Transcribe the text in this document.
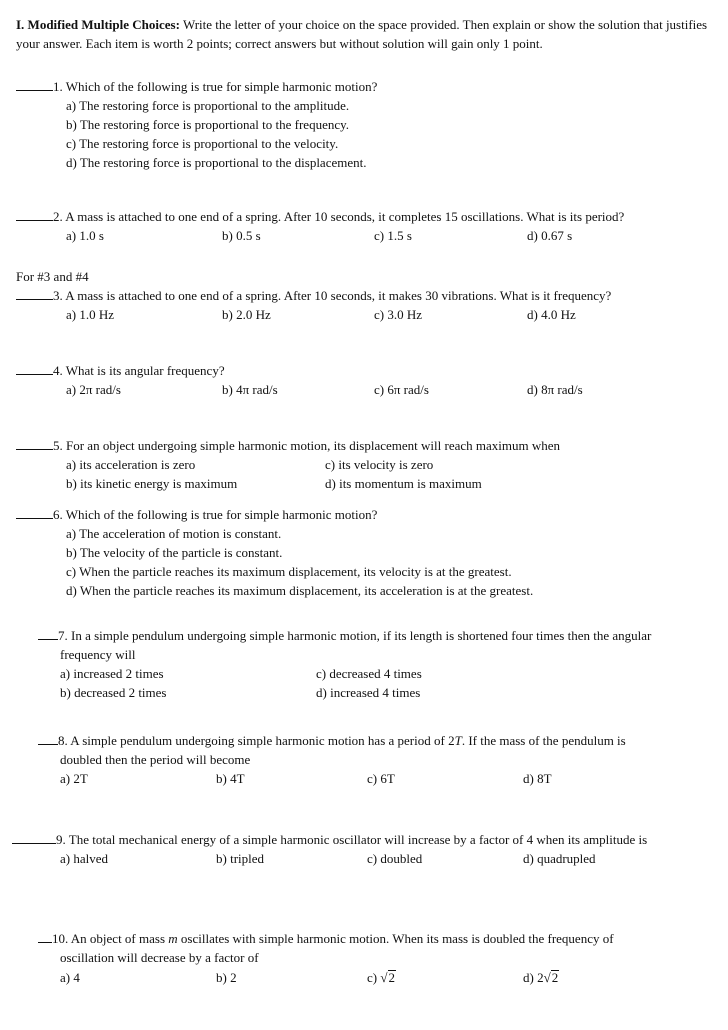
I. Modified Multiple Choices: Write the letter of your choice on the space provided. Then explain or show the solution that justifies your answer. Each item is worth 2 points; correct answers but without solution will gain only 1 point.
1. Which of the following is true for simple harmonic motion?
a) The restoring force is proportional to the amplitude.
b) The restoring force is proportional to the frequency.
c) The restoring force is proportional to the velocity.
d) The restoring force is proportional to the displacement.
2. A mass is attached to one end of a spring. After 10 seconds, it completes 15 oscillations. What is its period?
a) 1.0 s	b) 0.5 s	c) 1.5 s	d) 0.67 s
For #3 and #4
3. A mass is attached to one end of a spring. After 10 seconds, it makes 30 vibrations. What is it frequency?
a) 1.0 Hz	b) 2.0 Hz	c) 3.0 Hz	d) 4.0 Hz
4. What is its angular frequency?
a) 2π rad/s	b) 4π rad/s	c) 6π rad/s	d) 8π rad/s
5. For an object undergoing simple harmonic motion, its displacement will reach maximum when
a) its acceleration is zero	c) its velocity is zero
b) its kinetic energy is maximum	d) its momentum is maximum
6. Which of the following is true for simple harmonic motion?
a) The acceleration of motion is constant.
b) The velocity of the particle is constant.
c) When the particle reaches its maximum displacement, its velocity is at the greatest.
d) When the particle reaches its maximum displacement, its acceleration is at the greatest.
7. In a simple pendulum undergoing simple harmonic motion, if its length is shortened four times then the angular
frequency will
a) increased 2 times	c) decreased 4 times
b) decreased 2 times	d) increased 4 times
8. A simple pendulum undergoing simple harmonic motion has a period of 2T. If the mass of the pendulum is
doubled then the period will become
a) 2T	b) 4T	c) 6T	d) 8T
9. The total mechanical energy of a simple harmonic oscillator will increase by a factor of 4 when its amplitude is
a) halved	b) tripled	c) doubled	d) quadrupled
10. An object of mass m oscillates with simple harmonic motion. When its mass is doubled the frequency of
oscillation will decrease by a factor of
a) 4	b) 2	c) √2	d) 2√2
